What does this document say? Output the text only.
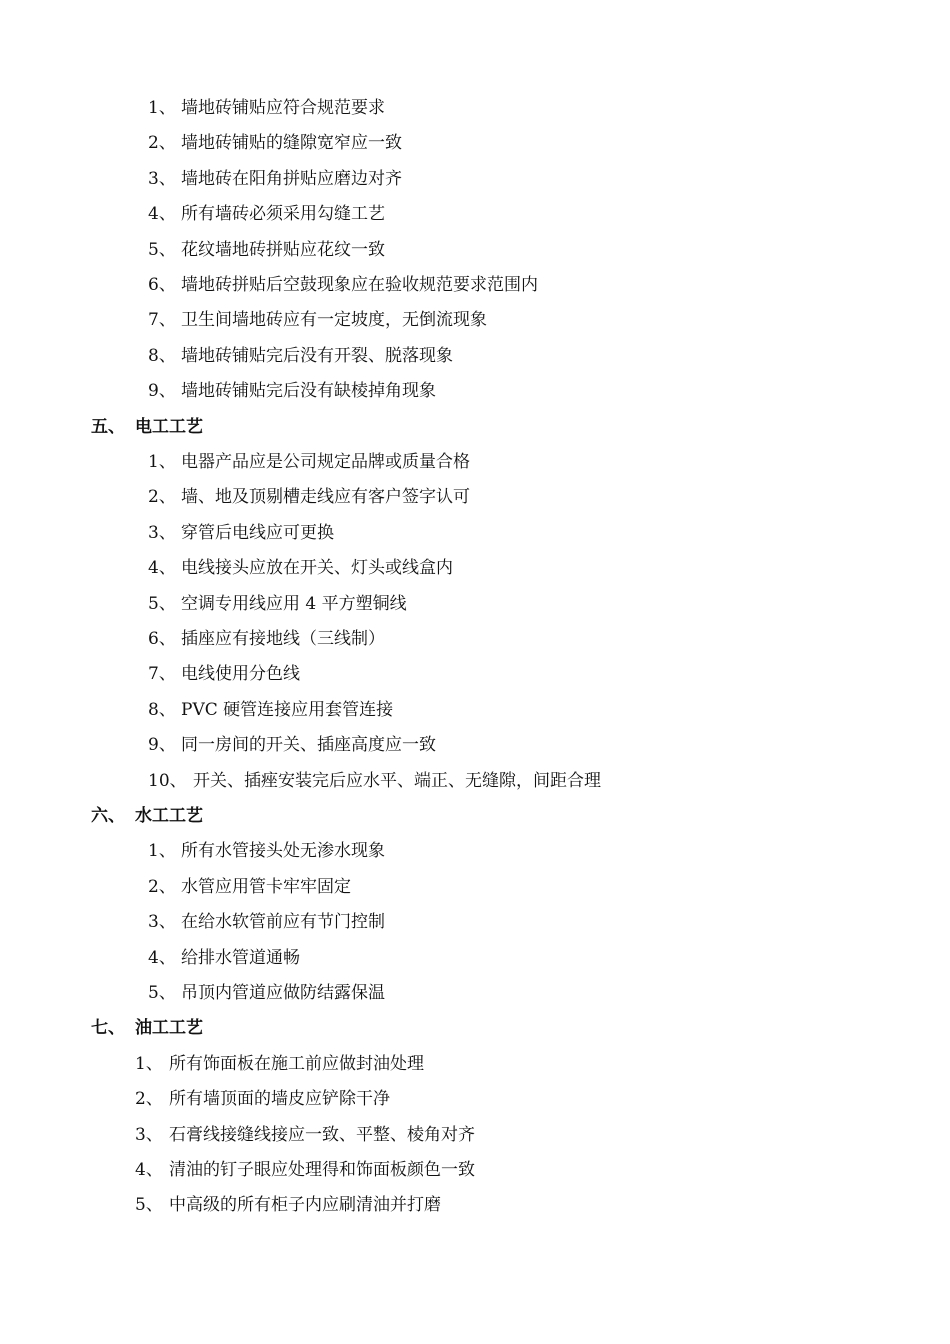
1、 墙地砖铺贴应符合规范要求
2、 墙地砖铺贴的缝隙宽窄应一致
3、 墙地砖在阳角拼贴应磨边对齐
4、 所有墙砖必须采用勾缝工艺
5、 花纹墙地砖拼贴应花纹一致
6、 墙地砖拼贴后空鼓现象应在验收规范要求范围内
7、 卫生间墙地砖应有一定坡度，无倒流现象
8、 墙地砖铺贴完后没有开裂、脱落现象
9、 墙地砖铺贴完后没有缺棱掉角现象
五、 电工工艺
1、 电器产品应是公司规定品牌或质量合格
2、 墙、地及顶剔槽走线应有客户签字认可
3、 穿管后电线应可更换
4、 电线接头应放在开关、灯头或线盒内
5、 空调专用线应用 4 平方塑铜线
6、 插座应有接地线（三线制）
7、 电线使用分色线
8、 PVC 硬管连接应用套管连接
9、 同一房间的开关、插座高度应一致
10、 开关、插痤安装完后应水平、端正、无缝隙，间距合理
六、 水工工艺
1、 所有水管接头处无渗水现象
2、 水管应用管卡牢牢固定
3、 在给水软管前应有节门控制
4、 给排水管道通畅
5、 吊顶内管道应做防结露保温
七、 油工工艺
1、 所有饰面板在施工前应做封油处理
2、 所有墙顶面的墙皮应铲除干净
3、 石膏线接缝线接应一致、平整、棱角对齐
4、 清油的钉子眼应处理得和饰面板颜色一致
5、 中高级的所有柜子内应刷清油并打磨
